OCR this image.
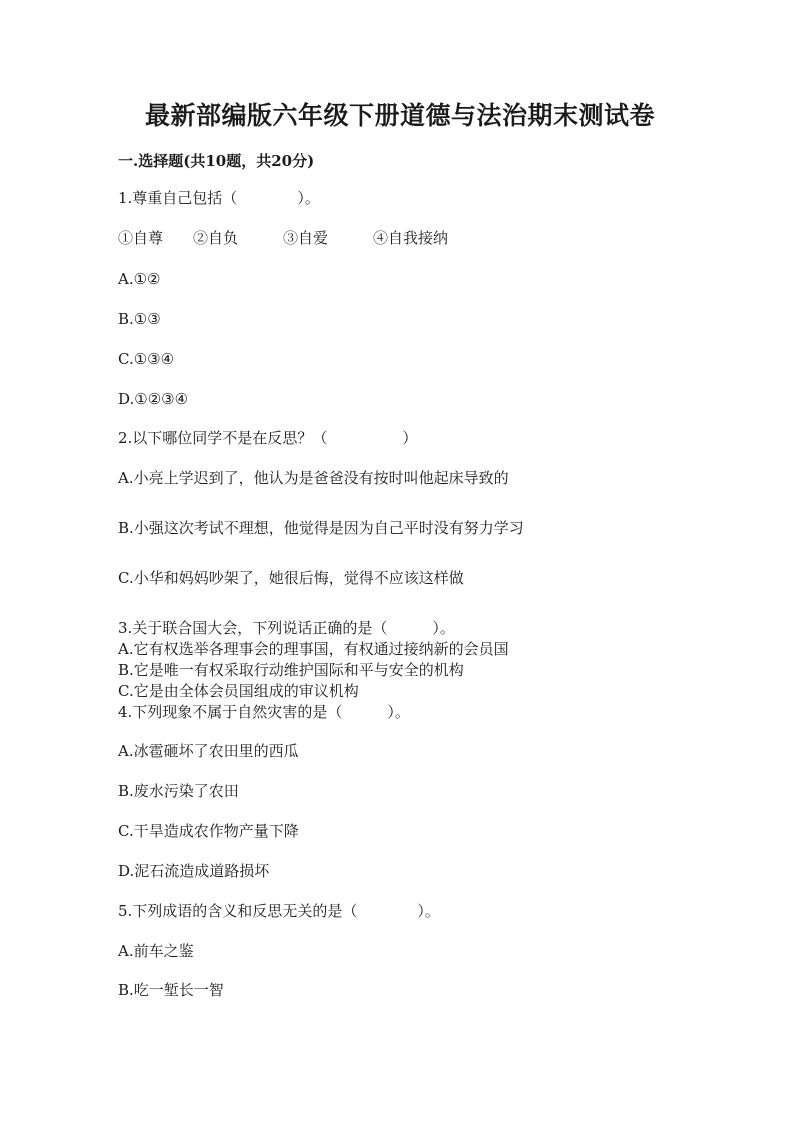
最新部编版六年级下册道德与法治期末测试卷
一.选择题(共10题，共20分)
1.尊重自己包括（　　　　）。
①自尊　　②自负　　　③自爱　　　④自我接纳
A.①②
B.①③
C.①③④
D.①②③④
2.以下哪位同学不是在反思？（　　　　　）
A.小亮上学迟到了，他认为是爸爸没有按时叫他起床导致的
B.小强这次考试不理想，他觉得是因为自己平时没有努力学习
C.小华和妈妈吵架了，她很后悔，觉得不应该这样做
3.关于联合国大会，下列说话正确的是（　　　）。
A.它有权选举各理事会的理事国，有权通过接纳新的会员国
B.它是唯一有权采取行动维护国际和平与安全的机构
C.它是由全体会员国组成的审议机构
4.下列现象不属于自然灾害的是（　　　）。
A.冰雹砸坏了农田里的西瓜
B.废水污染了农田
C.干旱造成农作物产量下降
D.泥石流造成道路损坏
5.下列成语的含义和反思无关的是（　　　　）。
A.前车之鉴
B.吃一堑长一智
